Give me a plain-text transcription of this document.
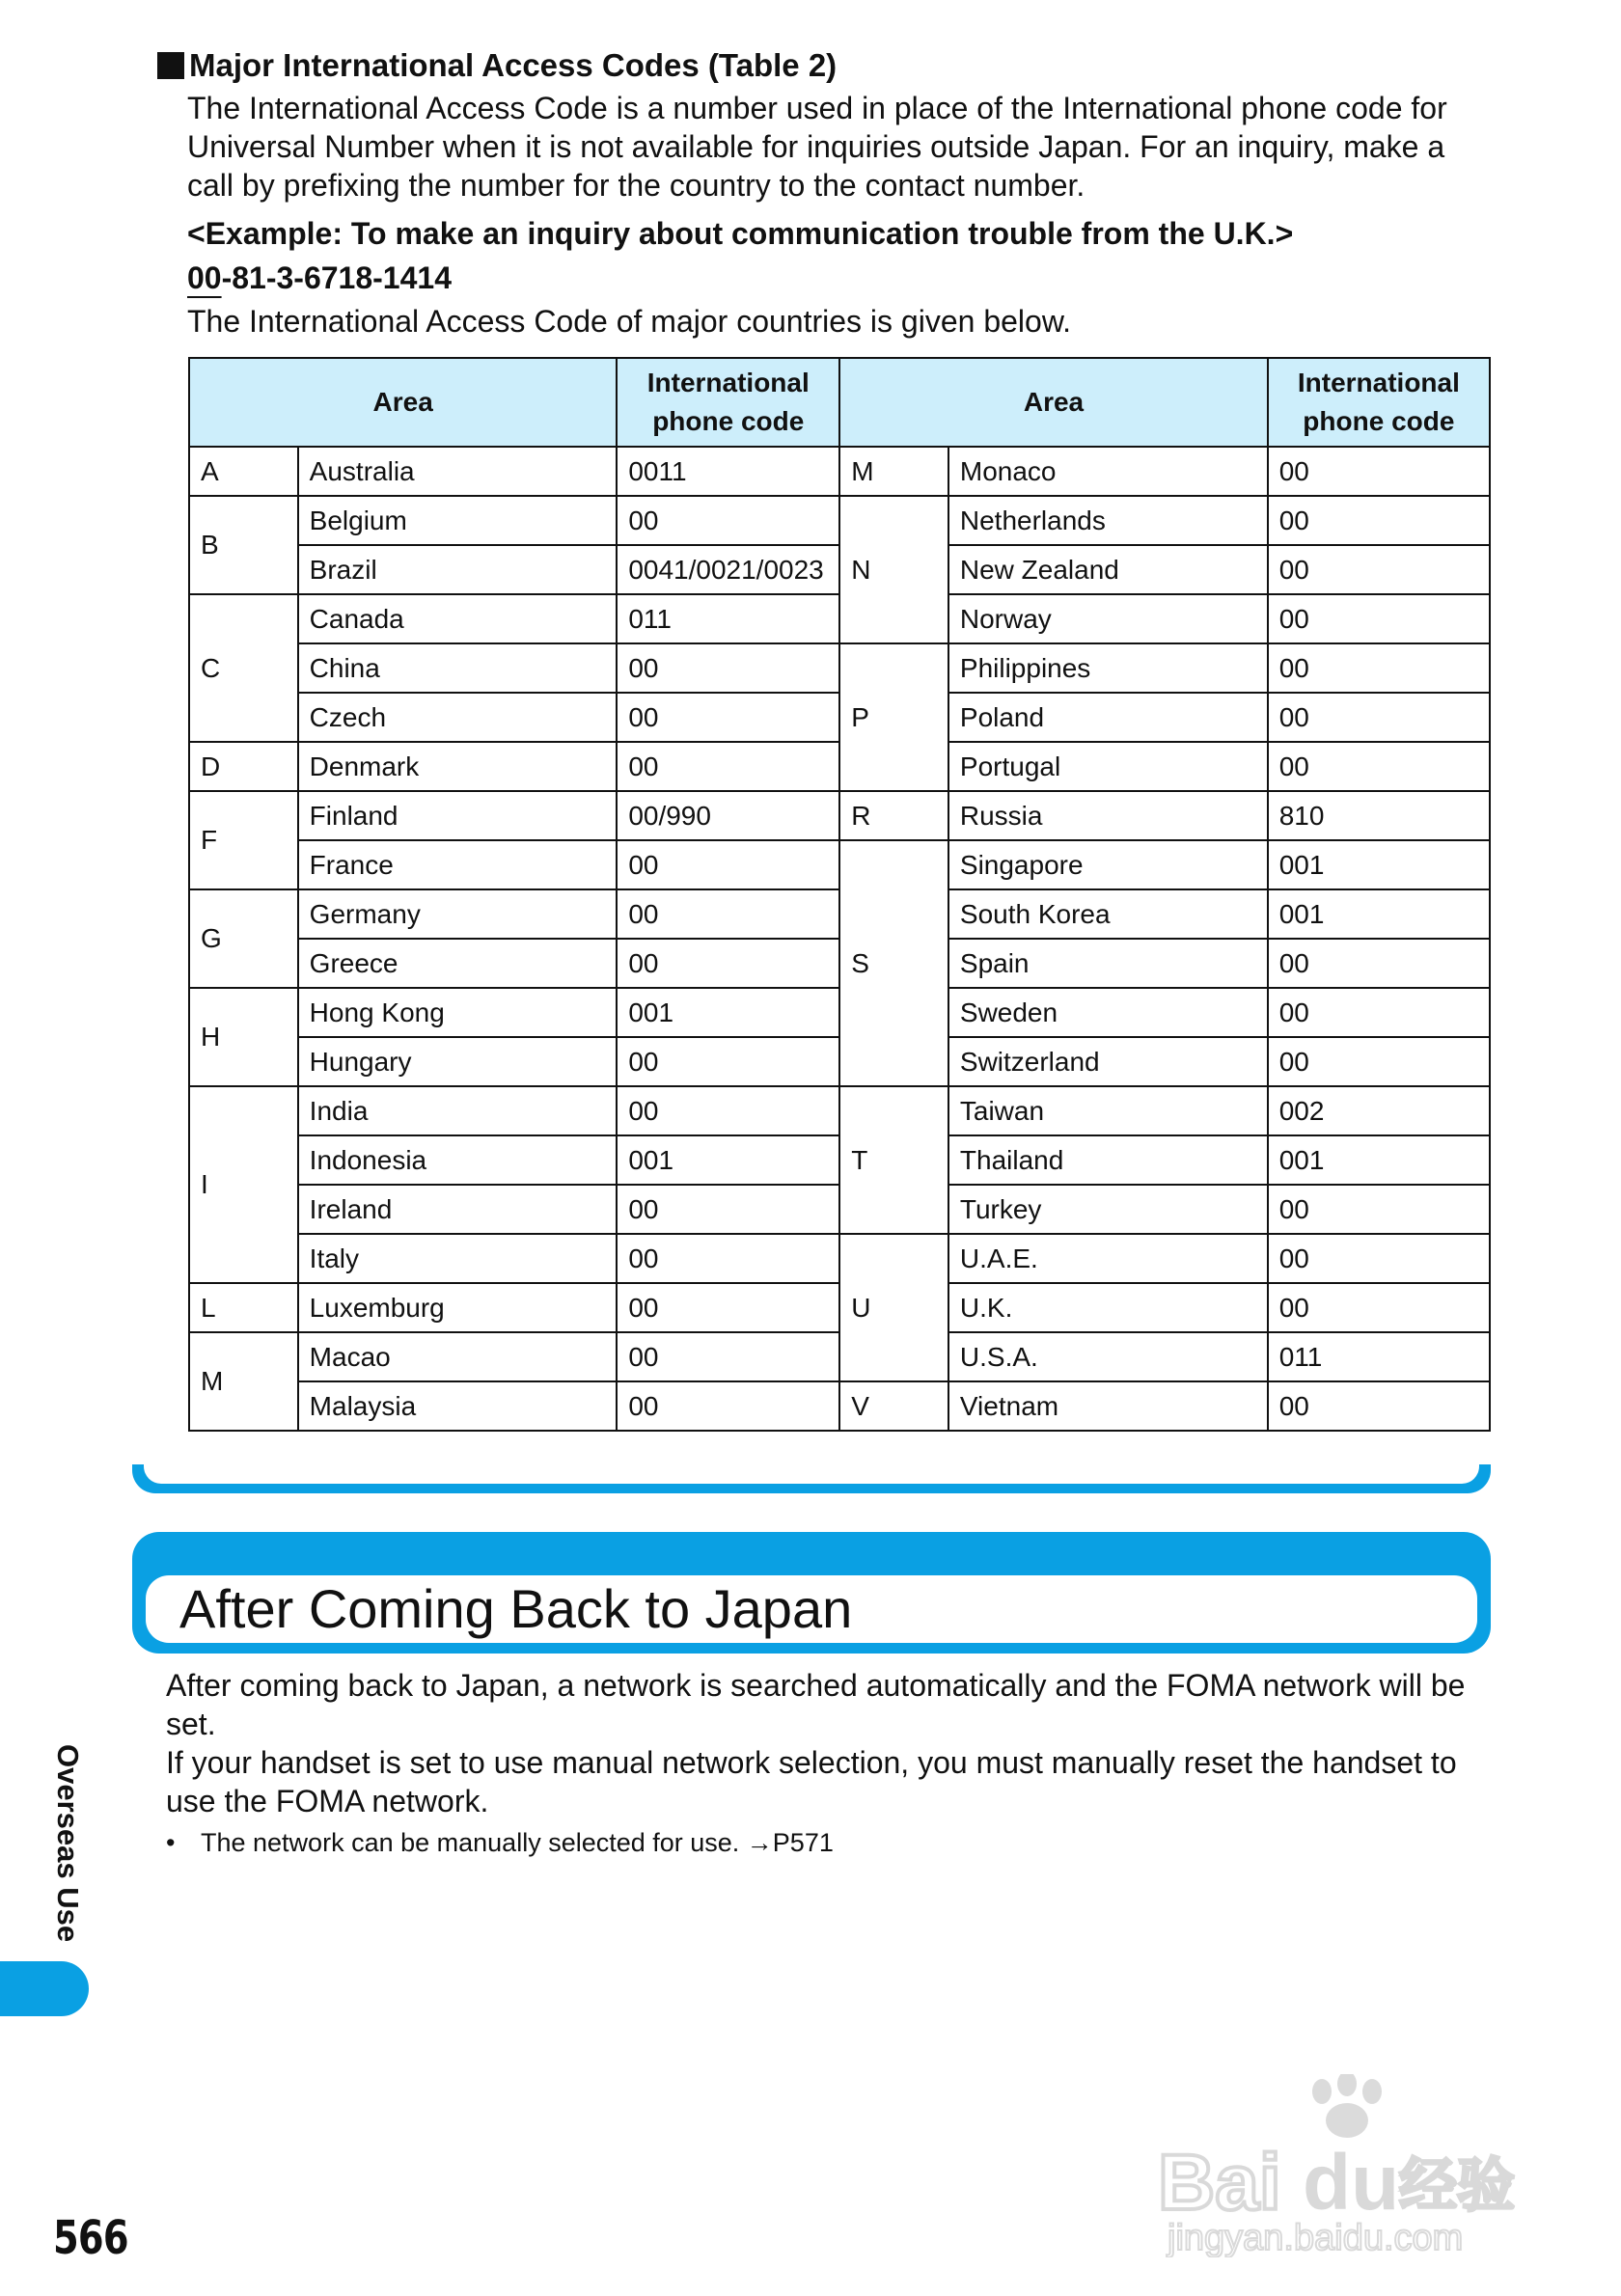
Major International Access Codes (Table 2)
The International Access Code is a number used in place of the International phone code for Universal Number when it is not available for inquiries outside Japan. For an inquiry, make a call by prefixing the number for the country to the contact number.
<Example: To make an inquiry about communication trouble from the U.K.>
00-81-3-6718-1414
The International Access Code of major countries is given below.
Area		International phone code	Area		International phone code
A	Australia	0011	M	Monaco	00
B	Belgium	00	N	Netherlands	00
	Brazil	0041/0021/0023		New Zealand	00
C	Canada	011		Norway	00
	China	00	P	Philippines	00
	Czech	00		Poland	00
D	Denmark	00		Portugal	00
F	Finland	00/990	R	Russia	810
	France	00	S	Singapore	001
G	Germany	00		South Korea	001
	Greece	00		Spain	00
H	Hong Kong	001		Sweden	00
	Hungary	00		Switzerland	00
I	India	00	T	Taiwan	002
	Indonesia	001		Thailand	001
	Ireland	00		Turkey	00
	Italy	00	U	U.A.E.	00
L	Luxemburg	00		U.K.	00
M	Macao	00		U.S.A.	011
	Malaysia	00	V	Vietnam	00
After Coming Back to Japan
After coming back to Japan, a network is searched automatically and the FOMA network will be set.
If your handset is set to use manual network selection, you must manually reset the handset to use the FOMA network.
• The network can be manually selected for use. →P571
Overseas Use
566
Bai du 经验
jingyan.baidu.com
